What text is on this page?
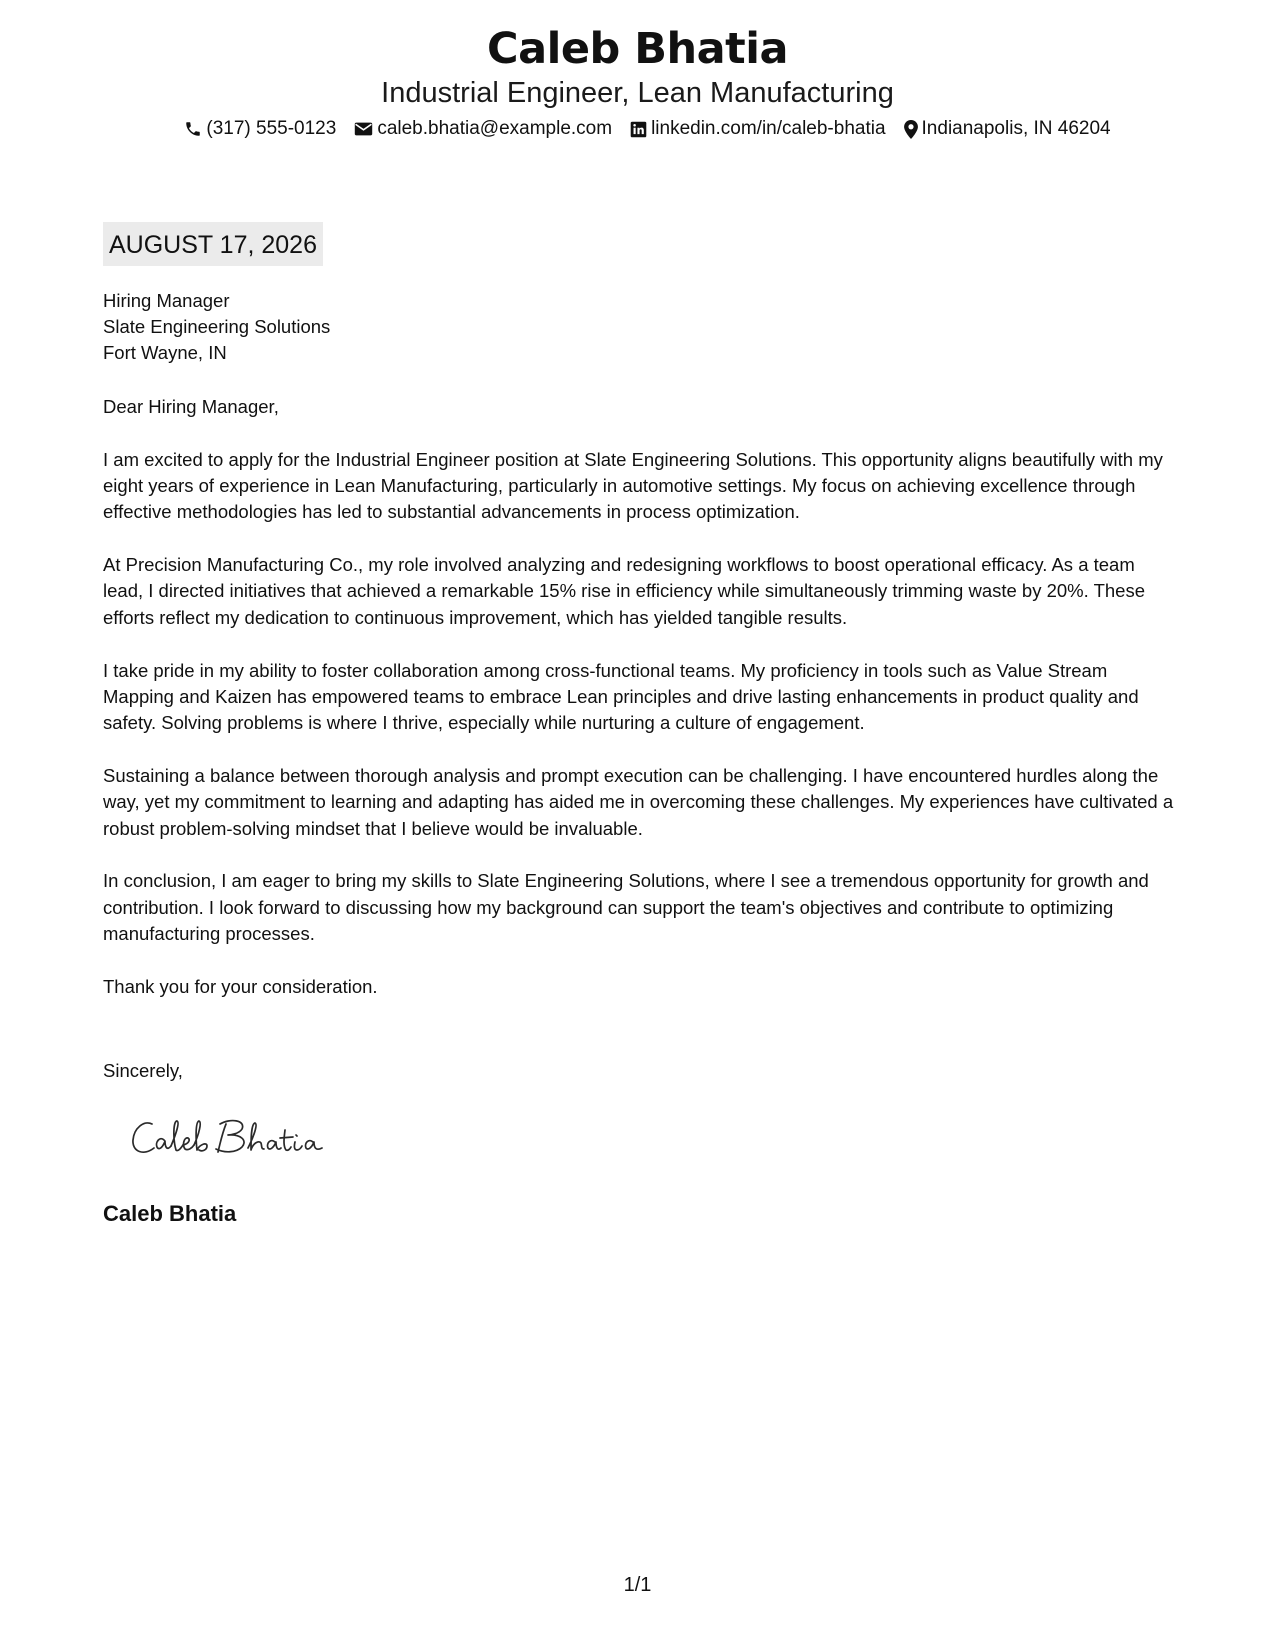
Caleb Bhatia
Industrial Engineer, Lean Manufacturing
(317) 555-0123 caleb.bhatia@example.com linkedin.com/in/caleb-bhatia Indianapolis, IN 46204
AUGUST 17, 2026
Hiring Manager
Slate Engineering Solutions
Fort Wayne, IN

Dear Hiring Manager,

I am excited to apply for the Industrial Engineer position at Slate Engineering Solutions. This opportunity aligns beautifully with my eight years of experience in Lean Manufacturing, particularly in automotive settings. My focus on achieving excellence through effective methodologies has led to substantial advancements in process optimization.

At Precision Manufacturing Co., my role involved analyzing and redesigning workflows to boost operational efficacy. As a team lead, I directed initiatives that achieved a remarkable 15% rise in efficiency while simultaneously trimming waste by 20%. These efforts reflect my dedication to continuous improvement, which has yielded tangible results.

I take pride in my ability to foster collaboration among cross-functional teams. My proficiency in tools such as Value Stream Mapping and Kaizen has empowered teams to embrace Lean principles and drive lasting enhancements in product quality and safety. Solving problems is where I thrive, especially while nurturing a culture of engagement.

Sustaining a balance between thorough analysis and prompt execution can be challenging. I have encountered hurdles along the way, yet my commitment to learning and adapting has aided me in overcoming these challenges. My experiences have cultivated a robust problem-solving mindset that I believe would be invaluable.

In conclusion, I am eager to bring my skills to Slate Engineering Solutions, where I see a tremendous opportunity for growth and contribution. I look forward to discussing how my background can support the team's objectives and contribute to optimizing manufacturing processes.

Thank you for your consideration.

Sincerely,
Caleb Bhatia
1/1
